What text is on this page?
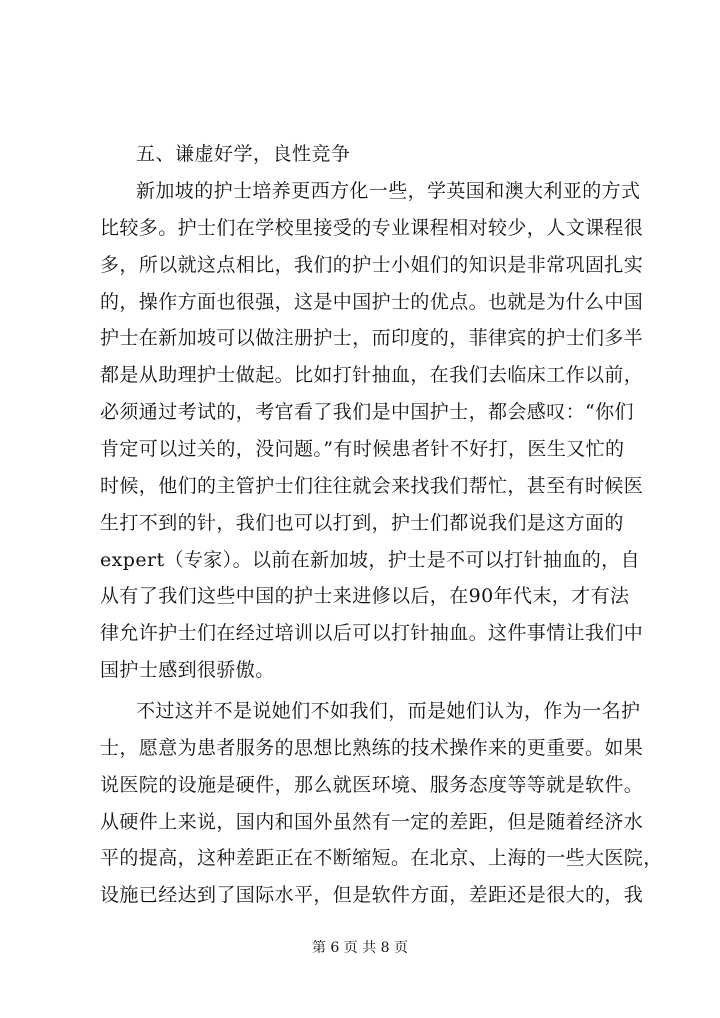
五、谦虚好学，良性竞争
新加坡的护士培养更西方化一些，学英国和澳大利亚的方式
比较多。护士们在学校里接受的专业课程相对较少，人文课程很
多，所以就这点相比，我们的护士小姐们的知识是非常巩固扎实
的，操作方面也很强，这是中国护士的优点。也就是为什么中国
护士在新加坡可以做注册护士，而印度的，菲律宾的护士们多半
都是从助理护士做起。比如打针抽血，在我们去临床工作以前，
必须通过考试的，考官看了我们是中国护士，都会感叹：“你们
肯定可以过关的，没问题。”有时候患者针不好打，医生又忙的
时候，他们的主管护士们往往就会来找我们帮忙，甚至有时候医
生打不到的针，我们也可以打到，护士们都说我们是这方面的
expert（专家）。以前在新加坡，护士是不可以打针抽血的，自
从有了我们这些中国的护士来进修以后，在90年代末，才有法
律允许护士们在经过培训以后可以打针抽血。这件事情让我们中
国护士感到很骄傲。
不过这并不是说她们不如我们，而是她们认为，作为一名护
士，愿意为患者服务的思想比熟练的技术操作来的更重要。如果
说医院的设施是硬件，那么就医环境、服务态度等等就是软件。
从硬件上来说，国内和国外虽然有一定的差距，但是随着经济水
平的提高，这种差距正在不断缩短。在北京、上海的一些大医院，
设施已经达到了国际水平，但是软件方面，差距还是很大的，我
第 6 页 共 8 页
